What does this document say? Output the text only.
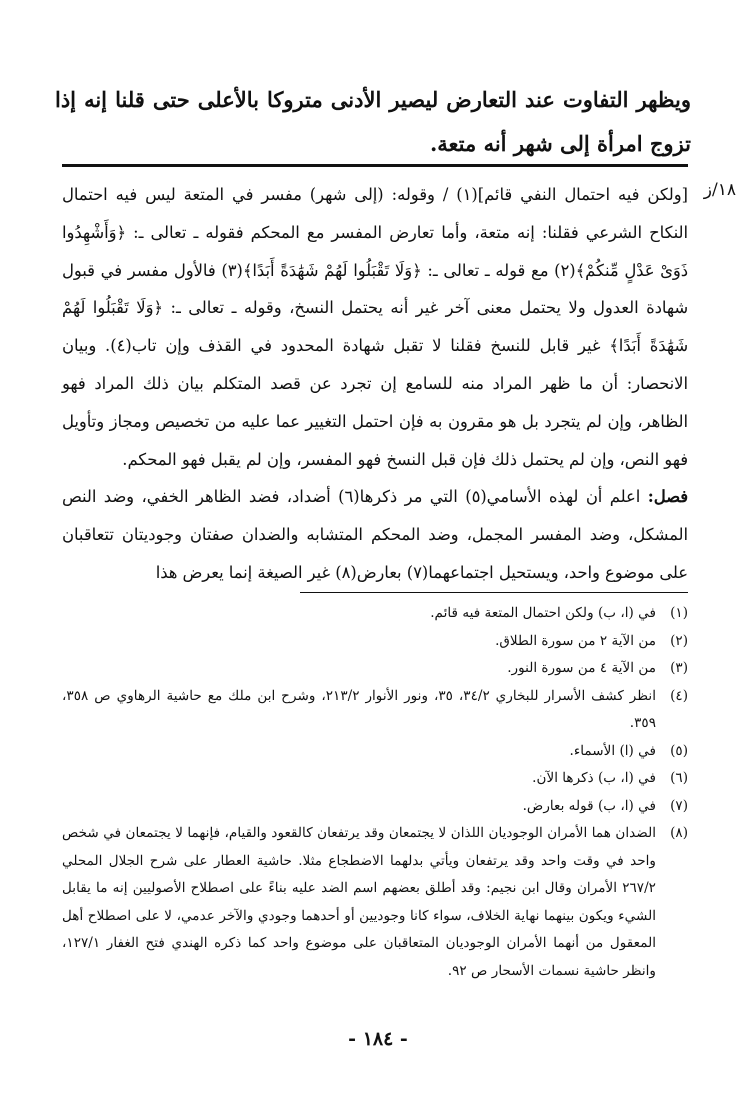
ويظهر التفاوت عند التعارض ليصير الأدنى متروكا بالأعلى حتى قلنا إنه إذا تزوج امرأة إلى شهر أنه متعة.
١٨/ز

[ولكن فيه احتمال النفي قائم](١) / وقوله: (إلى شهر) مفسر في المتعة ليس فيه احتمال النكاح الشرعي فقلنا: إنه متعة، وأما تعارض المفسر مع المحكم فقوله ـ تعالى ـ: ﴿وَأَشْهِدُوا ذَوَىْ عَدْلٍ مِّنكُمْ﴾(٢) مع قوله ـ تعالى ـ: ﴿وَلَا تَقْبَلُوا لَهُمْ شَهَٰدَةً أَبَدًا﴾(٣) فالأول مفسر في قبول شهادة العدول ولا يحتمل معنى آخر غير أنه يحتمل النسخ، وقوله ـ تعالى ـ: ﴿وَلَا تَقْبَلُوا لَهُمْ شَهَٰدَةً أَبَدًا﴾ غير قابل للنسخ فقلنا لا تقبل شهادة المحدود في القذف وإن تاب(٤). وبيان الانحصار: أن ما ظهر المراد منه للسامع إن تجرد عن قصد المتكلم بيان ذلك المراد فهو الظاهر، وإن لم يتجرد بل هو مقرون به فإن احتمل التغيير عما عليه من تخصيص ومجاز وتأويل فهو النص، وإن لم يحتمل ذلك فإن قبل النسخ فهو المفسر، وإن لم يقبل فهو المحكم.

فصل: اعلم أن لهذه الأسامي(٥) التي مر ذكرها(٦) أضداد، فضد الظاهر الخفي، وضد النص المشكل، وضد المفسر المجمل، وضد المحكم المتشابه والضدان صفتان وجوديتان تتعاقبان على موضوع واحد، ويستحيل اجتماعهما(٧) بعارض(٨) غير الصيغة إنما يعرض هذا

(١)
في (ا، ب) ولكن احتمال المتعة فيه قائم.
(٢)
من الآية ٢ من سورة الطلاق.
(٣)
من الآية ٤ من سورة النور.
(٤)
انظر كشف الأسرار للبخاري ٣٤/٢، ٣٥، ونور الأنوار ٢١٣/٢، وشرح ابن ملك مع حاشية الرهاوي ص ٣٥٨، ٣٥٩.
(٥)
في (ا) الأسماء.
(٦)
في (ا، ب) ذكرها الآن.
(٧)
في (ا، ب) قوله بعارض.
(٨)
الضدان هما الأمران الوجوديان اللذان لا يجتمعان وقد يرتفعان كالقعود والقيام، فإنهما لا يجتمعان في شخص واحد في وقت واحد وقد يرتفعان ويأتي بدلهما الاضطجاع مثلا. حاشية العطار على شرح الجلال المحلي ٢٦٧/٢ الأمران وقال ابن نجيم: وقد أطلق بعضهم اسم الضد عليه بناءً على اصطلاح الأصوليين إنه ما يقابل الشيء ويكون بينهما نهاية الخلاف، سواء كانا وجوديين أو أحدهما وجودي والآخر عدمي، لا على اصطلاح أهل المعقول من أنهما الأمران الوجوديان المتعاقبان على موضوع واحد كما ذكره الهندي فتح الغفار ١٢٧/١، وانظر حاشية نسمات الأسحار ص ٩٢.
- ١٨٤ -
